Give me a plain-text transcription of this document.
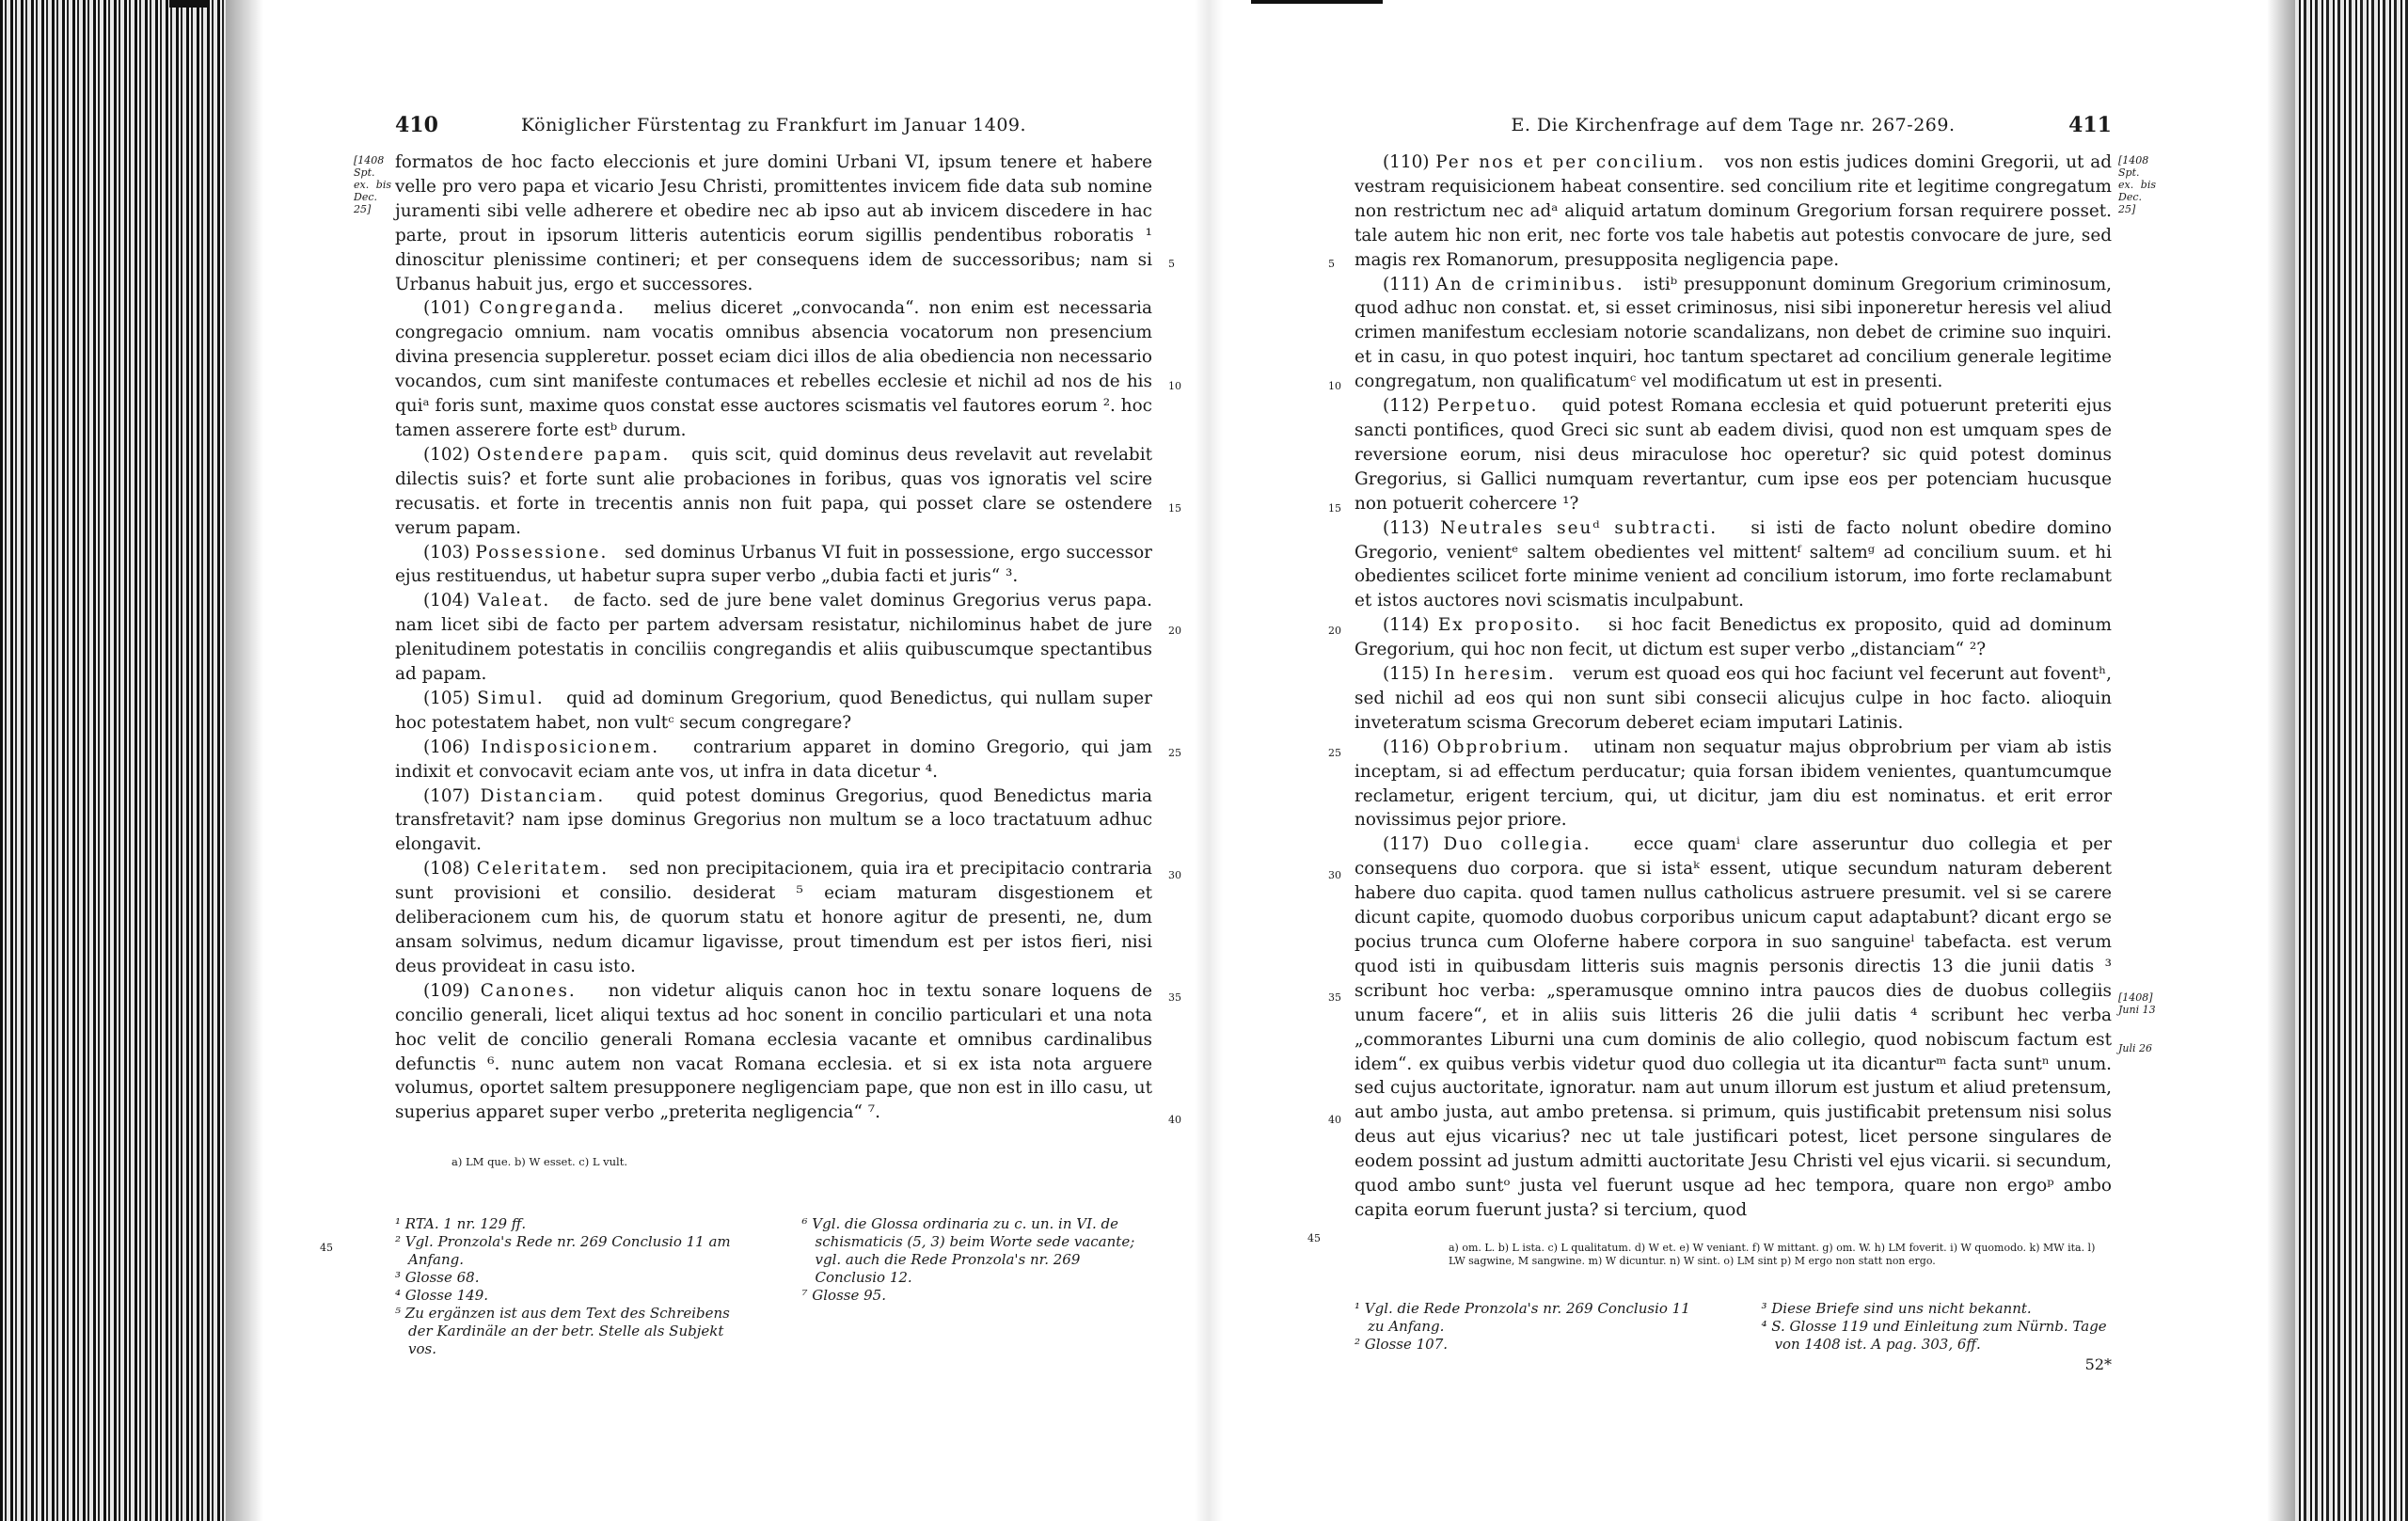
410	Königlicher Fürstentag zu Frankfurt im Januar 1409.
[1408 Spt. ex. bis Dec. 25]
5
10
15
20
25
30
35
40

formatos de hoc facto eleccionis et jure domini Urbani VI, ipsum tenere et habere velle pro vero papa et vicario Jesu Christi, promittentes invicem fide data sub nomine juramenti sibi velle adherere et obedire nec ab ipso aut ab invicem discedere in hac parte, prout in ipsorum litteris autenticis eorum sigillis pendentibus roboratis ¹ dinoscitur plenissime contineri; et per consequens idem de successoribus; nam si Urbanus habuit jus, ergo et successores.

(101) Congreganda. melius diceret „convocanda“. non enim est necessaria congregacio omnium. nam vocatis omnibus absencia vocatorum non presencium divina presencia suppleretur. posset eciam dici illos de alia obediencia non necessario vocandos, cum sint manifeste contumaces et rebelles ecclesie et nichil ad nos de his quiᵃ foris sunt, maxime quos constat esse auctores scismatis vel fautores eorum ². hoc tamen asserere forte estᵇ durum.

(102) Ostendere papam. quis scit, quid dominus deus revelavit aut revelabit dilectis suis? et forte sunt alie probaciones in foribus, quas vos ignoratis vel scire recusatis. et forte in trecentis annis non fuit papa, qui posset clare se ostendere verum papam.

(103) Possessione. sed dominus Urbanus VI fuit in possessione, ergo successor ejus restituendus, ut habetur supra super verbo „dubia facti et juris“ ³.

(104) Valeat. de facto. sed de jure bene valet dominus Gregorius verus papa. nam licet sibi de facto per partem adversam resistatur, nichilominus habet de jure plenitudinem potestatis in conciliis congregandis et aliis quibuscumque spectantibus ad papam.

(105) Simul. quid ad dominum Gregorium, quod Benedictus, qui nullam super hoc potestatem habet, non vultᶜ secum congregare?

(106) Indisposicionem. contrarium apparet in domino Gregorio, qui jam indixit et convocavit eciam ante vos, ut infra in data dicetur ⁴.

(107) Distanciam. quid potest dominus Gregorius, quod Benedictus maria transfretavit? nam ipse dominus Gregorius non multum se a loco tractatuum adhuc elongavit.

(108) Celeritatem. sed non precipitacionem, quia ira et precipitacio contraria sunt provisioni et consilio. desiderat ⁵ eciam maturam disgestionem et deliberacionem cum his, de quorum statu et honore agitur de presenti, ne, dum ansam solvimus, nedum dicamur ligavisse, prout timendum est per istos fieri, nisi deus provideat in casu isto.

(109) Canones. non videtur aliquis canon hoc in textu sonare loquens de concilio generali, licet aliqui textus ad hoc sonent in concilio particulari et una nota hoc velit de concilio generali Romana ecclesia vacante et omnibus cardinalibus defunctis ⁶. nunc autem non vacat Romana ecclesia. et si ex ista nota arguere volumus, oportet saltem presupponere negligenciam pape, que non est in illo casu, ut superius apparet super verbo „preterita negligencia“ ⁷.

a) LM que. b) W esset. c) L vult.

¹ RTA. 1 nr. 129 ff.

² Vgl. Pronzola's Rede nr. 269 Conclusio 11 am Anfang.

³ Glosse 68.

⁴ Glosse 149.

⁵ Zu ergänzen ist aus dem Text des Schreibens der Kardinäle an der betr. Stelle als Subjekt vos.

⁶ Vgl. die Glossa ordinaria zu c. un. in VI. de schismaticis (5, 3) beim Worte sede vacante; vgl. auch die Rede Pronzola's nr. 269 Conclusio 12.

⁷ Glosse 95.

45
E. Die Kirchenfrage auf dem Tage nr. 267-269.	411
[1408 Spt. ex. bis Dec. 25]
[1408] Juni 13
Juli 26
5
10
15
20
25
30
35
40

(110) Per nos et per concilium. vos non estis judices domini Gregorii, ut ad vestram requisicionem habeat consentire. sed concilium rite et legitime congregatum non restrictum nec adᵃ aliquid artatum dominum Gregorium forsan requirere posset. tale autem hic non erit, nec forte vos tale habetis aut potestis convocare de jure, sed magis rex Romanorum, presupposita negligencia pape.

(111) An de criminibus. istiᵇ presupponunt dominum Gregorium criminosum, quod adhuc non constat. et, si esset criminosus, nisi sibi inponeretur heresis vel aliud crimen manifestum ecclesiam notorie scandalizans, non debet de crimine suo inquiri. et in casu, in quo potest inquiri, hoc tantum spectaret ad concilium generale legitime congregatum, non qualificatumᶜ vel modificatum ut est in presenti.

(112) Perpetuo. quid potest Romana ecclesia et quid potuerunt preteriti ejus sancti pontifices, quod Greci sic sunt ab eadem divisi, quod non est umquam spes de reversione eorum, nisi deus miraculose hoc operetur? sic quid potest dominus Gregorius, si Gallici numquam revertantur, cum ipse eos per potenciam hucusque non potuerit cohercere ¹?

(113) Neutrales seuᵈ subtracti. si isti de facto nolunt obedire domino Gregorio, venientᵉ saltem obedientes vel mittentᶠ saltemᵍ ad concilium suum. et hi obedientes scilicet forte minime venient ad concilium istorum, imo forte reclamabunt et istos auctores novi scismatis inculpabunt.

(114) Ex proposito. si hoc facit Benedictus ex proposito, quid ad dominum Gregorium, qui hoc non fecit, ut dictum est super verbo „distanciam“ ²?

(115) In heresim. verum est quoad eos qui hoc faciunt vel fecerunt aut foventʰ, sed nichil ad eos qui non sunt sibi consecii alicujus culpe in hoc facto. alioquin inveteratum scisma Grecorum deberet eciam imputari Latinis.

(116) Obprobrium. utinam non sequatur majus obprobrium per viam ab istis inceptam, si ad effectum perducatur; quia forsan ibidem venientes, quantumcumque reclametur, erigent tercium, qui, ut dicitur, jam diu est nominatus. et erit error novissimus pejor priore.

(117) Duo collegia. ecce quamⁱ clare asseruntur duo collegia et per consequens duo corpora. que si istaᵏ essent, utique secundum naturam deberent habere duo capita. quod tamen nullus catholicus astruere presumit. vel si se carere dicunt capite, quomodo duobus corporibus unicum caput adaptabunt? dicant ergo se pocius trunca cum Oloferne habere corpora in suo sanguineˡ tabefacta. est verum quod isti in quibusdam litteris suis magnis personis directis 13 die junii datis ³ scribunt hoc verba: „speramusque omnino intra paucos dies de duobus collegiis unum facere“, et in aliis suis litteris 26 die julii datis ⁴ scribunt hec verba „commorantes Liburni una cum dominis de alio collegio, quod nobiscum factum est idem“. ex quibus verbis videtur quod duo collegia ut ita dicanturᵐ facta suntⁿ unum. sed cujus auctoritate, ignoratur. nam aut unum illorum est justum et aliud pretensum, aut ambo justa, aut ambo pretensa. si primum, quis justificabit pretensum nisi solus deus aut ejus vicarius? nec ut tale justificari potest, licet persone singulares de eodem possint ad justum admitti auctoritate Jesu Christi vel ejus vicarii. si secundum, quod ambo suntᵒ justa vel fuerunt usque ad hec tempora, quare non ergoᵖ ambo capita eorum fuerunt justa? si tercium, quod

a) om. L. b) L ista. c) L qualitatum. d) W et. e) W veniant. f) W mittant. g) om. W. h) LM foverit. i) W quomodo. k) MW ita. l) LW sagwine, M sangwine. m) W dicuntur. n) W sint. o) LM sint p) M ergo non statt non ergo.

¹ Vgl. die Rede Pronzola's nr. 269 Conclusio 11 zu Anfang.

² Glosse 107.

³ Diese Briefe sind uns nicht bekannt.

⁴ S. Glosse 119 und Einleitung zum Nürnb. Tage von 1408 ist. A pag. 303, 6ff.

52*
45
